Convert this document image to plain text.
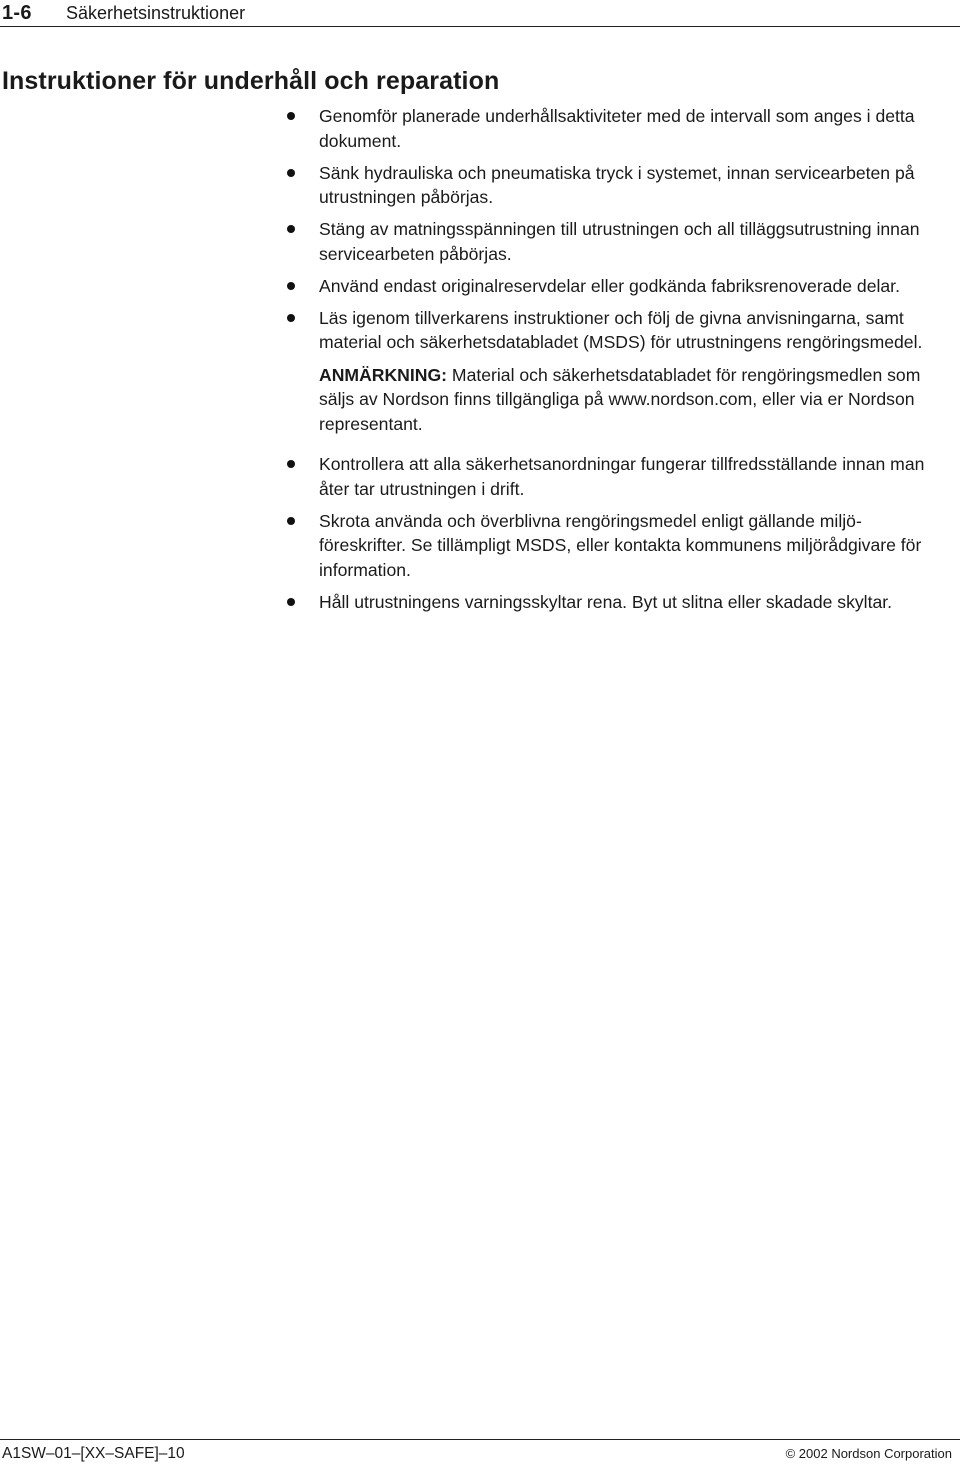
1-6 Säkerhetsinstruktioner
Instruktioner för underhåll och reparation
Genomför planerade underhållsaktiviteter med de intervall som anges i detta dokument.
Sänk hydrauliska och pneumatiska tryck i systemet, innan servicearbeten på utrustningen påbörjas.
Stäng av matningsspänningen till utrustningen och all tilläggsutrustning innan servicearbeten påbörjas.
Använd endast originalreservdelar eller godkända fabriksrenoverade delar.
Läs igenom tillverkarens instruktioner och följ de givna anvisningarna, samt material och säkerhetsdatabladet (MSDS) för utrustningens rengöringsmedel.
ANMÄRKNING: Material och säkerhetsdatabladet för rengöringsmedlen som säljs av Nordson finns tillgängliga på www.nordson.com, eller via er Nordson representant.
Kontrollera att alla säkerhetsanordningar fungerar tillfredsställande innan man åter tar utrustningen i drift.
Skrota använda och överblivna rengöringsmedel enligt gällande miljöföreskrifter. Se tillämpligt MSDS, eller kontakta kommunens miljörådgivare för information.
Håll utrustningens varningsskyltar rena. Byt ut slitna eller skadade skyltar.
A1SW–01–[XX–SAFE]–10	© 2002 Nordson Corporation
